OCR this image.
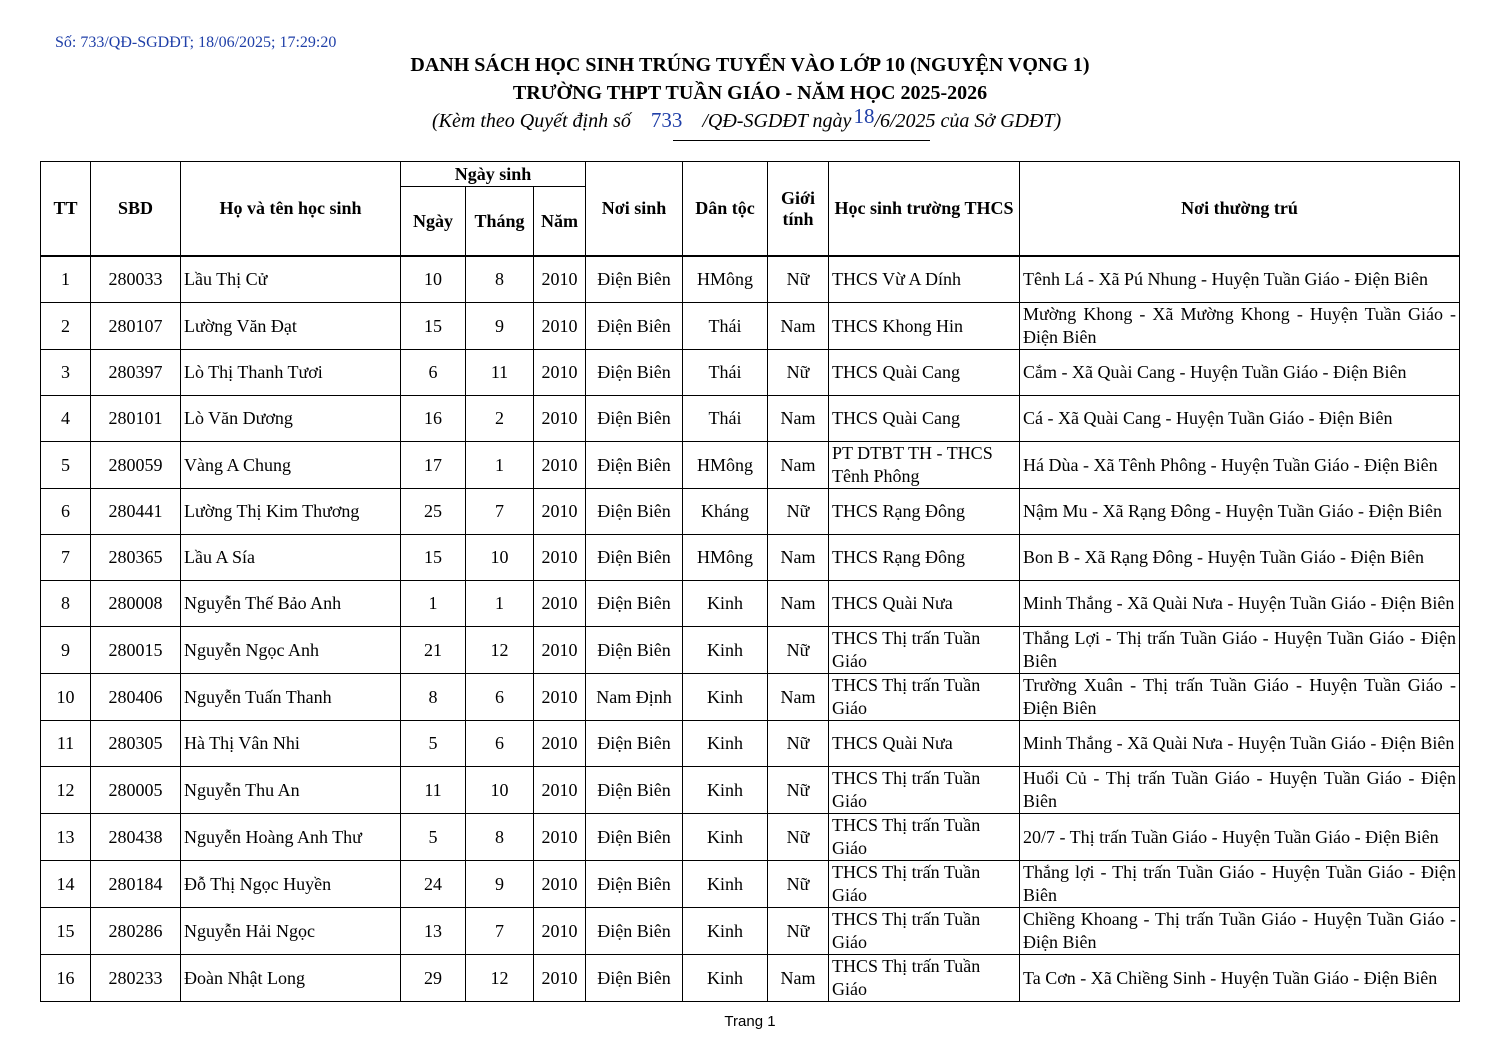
Số: 733/QĐ-SGDĐT; 18/06/2025; 17:29:20
DANH SÁCH HỌC SINH TRÚNG TUYỂN VÀO LỚP 10 (NGUYỆN VỌNG 1)
TRƯỜNG THPT TUẦN GIÁO - NĂM HỌC 2025-2026
(Kèm theo Quyết định số 733 /QĐ-SGDĐT ngày18/6/2025 của Sở GDĐT)
TT	SBD	Họ và tên học sinh	Ngày sinh			Nơi sinh	Dân tộc	Giới tính	Học sinh trường THCS	Nơi thường trú
			Ngày	Tháng	Năm					

1	280033	Lầu Thị Cử	10	8	2010	Điện Biên	HMông	Nữ	THCS Vừ A Dính	Tênh Lá - Xã Pú Nhung - Huyện Tuần Giáo - Điện Biên
2	280107	Lường Văn Đạt	15	9	2010	Điện Biên	Thái	Nam	THCS Khong Hin	Mường Khong - Xã Mường Khong - Huyện Tuần Giáo - Điện Biên
3	280397	Lò Thị Thanh Tươi	6	11	2010	Điện Biên	Thái	Nữ	THCS Quài Cang	Cắm - Xã Quài Cang - Huyện Tuần Giáo - Điện Biên
4	280101	Lò Văn Dương	16	2	2010	Điện Biên	Thái	Nam	THCS Quài Cang	Cá - Xã Quài Cang - Huyện Tuần Giáo - Điện Biên
5	280059	Vàng A Chung	17	1	2010	Điện Biên	HMông	Nam	PT DTBT TH - THCS Tênh Phông	Há Dùa - Xã Tênh Phông - Huyện Tuần Giáo - Điện Biên
6	280441	Lường Thị Kim Thương	25	7	2010	Điện Biên	Kháng	Nữ	THCS Rạng Đông	Nậm Mu - Xã Rạng Đông - Huyện Tuần Giáo - Điện Biên
7	280365	Lầu A Sía	15	10	2010	Điện Biên	HMông	Nam	THCS Rạng Đông	Bon B - Xã Rạng Đông - Huyện Tuần Giáo - Điện Biên
8	280008	Nguyễn Thế Bảo Anh	1	1	2010	Điện Biên	Kinh	Nam	THCS Quài Nưa	Minh Thắng - Xã Quài Nưa - Huyện Tuần Giáo - Điện Biên
9	280015	Nguyễn Ngọc Anh	21	12	2010	Điện Biên	Kinh	Nữ	THCS Thị trấn Tuần Giáo	Thắng Lợi - Thị trấn Tuần Giáo - Huyện Tuần Giáo - Điện Biên
10	280406	Nguyễn Tuấn Thanh	8	6	2010	Nam Định	Kinh	Nam	THCS Thị trấn Tuần Giáo	Trường Xuân - Thị trấn Tuần Giáo - Huyện Tuần Giáo - Điện Biên
11	280305	Hà Thị Vân Nhi	5	6	2010	Điện Biên	Kinh	Nữ	THCS Quài Nưa	Minh Thắng - Xã Quài Nưa - Huyện Tuần Giáo - Điện Biên
12	280005	Nguyễn Thu An	11	10	2010	Điện Biên	Kinh	Nữ	THCS Thị trấn Tuần Giáo	Huổi Củ - Thị trấn Tuần Giáo - Huyện Tuần Giáo - Điện Biên
13	280438	Nguyễn Hoàng Anh Thư	5	8	2010	Điện Biên	Kinh	Nữ	THCS Thị trấn Tuần Giáo	20/7 - Thị trấn Tuần Giáo - Huyện Tuần Giáo - Điện Biên
14	280184	Đỗ Thị Ngọc Huyền	24	9	2010	Điện Biên	Kinh	Nữ	THCS Thị trấn Tuần Giáo	Thắng lợi - Thị trấn Tuần Giáo - Huyện Tuần Giáo - Điện Biên
15	280286	Nguyễn Hải Ngọc	13	7	2010	Điện Biên	Kinh	Nữ	THCS Thị trấn Tuần Giáo	Chiềng Khoang - Thị trấn Tuần Giáo - Huyện Tuần Giáo - Điện Biên
16	280233	Đoàn Nhật Long	29	12	2010	Điện Biên	Kinh	Nam	THCS Thị trấn Tuần Giáo	Ta Cơn - Xã Chiềng Sinh - Huyện Tuần Giáo - Điện Biên
Trang 1
